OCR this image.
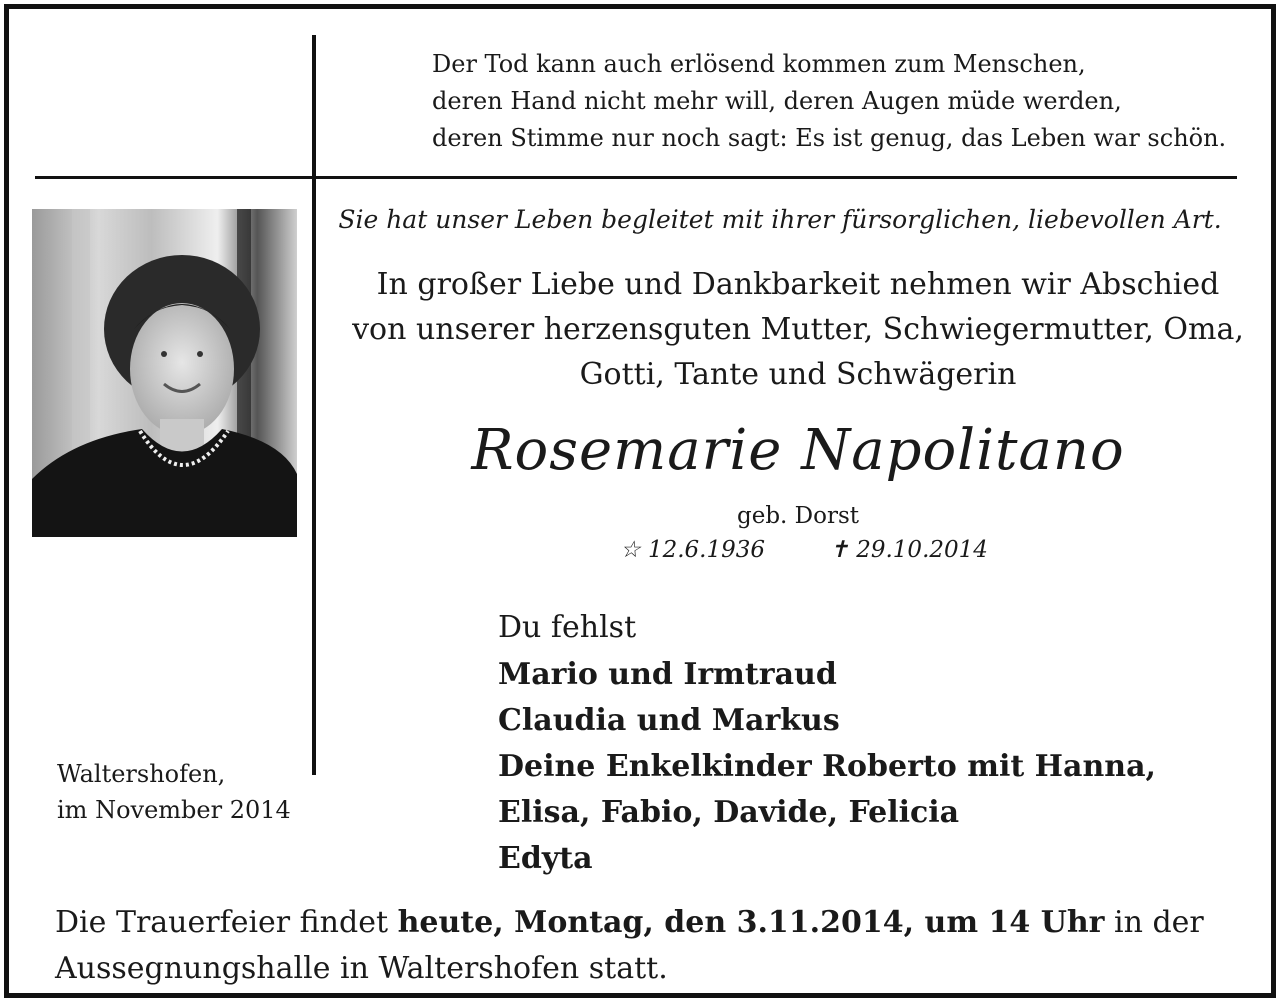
Der Tod kann auch erlösend kommen zum Menschen,
deren Hand nicht mehr will, deren Augen müde werden,
deren Stimme nur noch sagt: Es ist genug, das Leben war schön.
Sie hat unser Leben begleitet mit ihrer fürsorglichen, liebevollen Art.
In großer Liebe und Dankbarkeit nehmen wir Abschied
von unserer herzensguten Mutter, Schwiegermutter, Oma,
Gotti, Tante und Schwägerin
Rosemarie Napolitano
geb. Dorst
☆ 12.6.1936	✝ 29.10.2014
Du fehlst
Mario und Irmtraud
Claudia und Markus
Deine Enkelkinder Roberto mit Hanna,
Elisa, Fabio, Davide, Felicia
Edyta
Waltershofen,
im November 2014
Die Trauerfeier findet heute, Montag, den 3.11.2014, um 14 Uhr in der
Aussegnungshalle in Waltershofen statt.
